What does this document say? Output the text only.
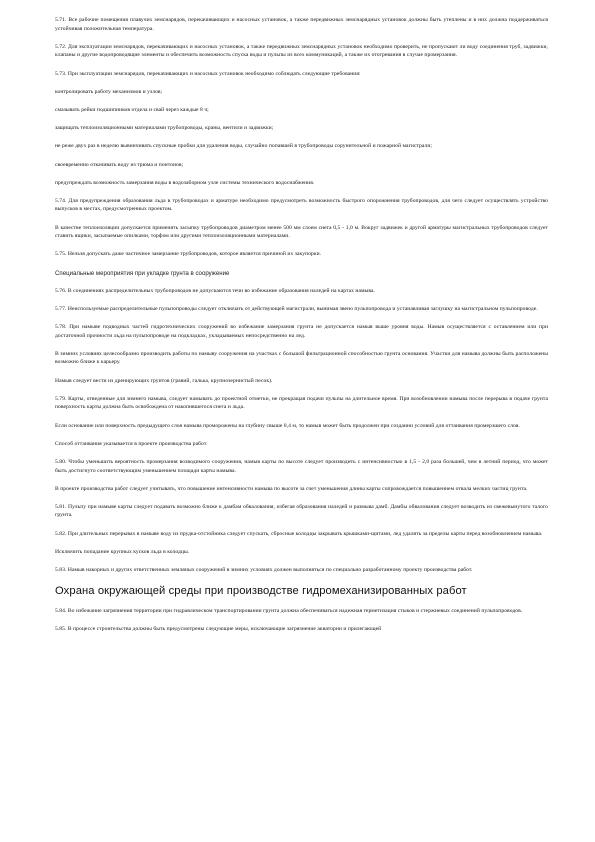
5.71. Все рабочие помещения плавучих земснарядов, перекачивающих и насосных установок, а также передвижных земснарядных установок должны быть утеплены и в них должна поддерживаться устойчивая положительная температура.

5.72. Для эксплуатации земснарядов, перекачивающих и насосных установок, а также передвижных земснарядных установок необходимо проверить, не пропускают ли воду соединения труб, задвижки, клапаны и другие водопроводящие элементы и обеспечить возможность спуска воды и пульпы из всех коммуникаций, а также их отогревания в случае промерзания.

5.73. При эксплуатации земснарядов, перекачивающих и насосных установок необходимо соблюдать следующие требования:

контролировать работу механизмов и узлов;

смазывать рейки подшипников отдела и свай через каждые 8 ч;

защищать теплоизоляционными материалами трубопроводы, краны, вентили и задвижки;

не реже двух раз в неделю вывинчивать спускные пробки для удаления воды, случайно попавшей в трубопроводы сорунительной и пожарной магистрали;

своевременно откачивать воду из трюма и понтонов;

предупреждать возможность замерзания воды в водозаборном узле системы технического водоснабжения.

5.74. Для предупреждения образования льда в трубопроводах и арматуре необходимо предусмотреть возможность быстрого опорожнения трубопроводов, для чего следует осуществлять устройство выпусков в местах, предусмотренных проектом.

В качестве теплоизоляции допускается применять засыпку трубопроводов диаметром менее 500 мм слоем снега 0,5 - 1,0 м. Вокруг задвижек и другой арматуры магистральных трубопроводов следует ставить ящики, засыпаемые опилками, торфом или другими теплоизоляционными материалами.

5.75. Нельзя допускать даже частичное замерзание трубопроводов, которое является причиной их закупорки.

Специальные мероприятия при укладке грунта в сооружение

5.76. В соединениях распределительных трубопроводов не допускаются течи во избежание образования наледей на картах намыва.

5.77. Неиспользуемые распределительные пульпопроводы следует отключать от действующей магистрали, вынимая звено пульпопровода и устанавливая заглушку на магистральном пульпопроводе.

5.78. При намыве подводных частей гидротехнических сооружений во избежание замерзания грунта не допускается намыв выше уровня воды. Намыв осуществляется с оставлением или при достаточной прочности льда на пульпопроводе на подкладках, укладываемых непосредственно на лед.

В зимних условиях целесообразно производить работы по намыву сооружения на участках с большой фильтрационной способностью грунта основания. Участки для намыва должны быть расположены возможно ближе к карьеру.

Намыв следует вести из дренирующих грунтов (гравий, галька, крупнозернистый песок).

5.79. Карты, отведенные для зимнего намыва, следует намывать до проектной отметки, не прекращая подачи пульпы на длительное время. При возобновлении намыва после перерыва в подаче грунта поверхность карты должна быть освобождена от накопившегося снега и льда.

Если основание или поверхность предыдущего слоя намыва проморожены на глубину свыше 0,4 м, то намыв может быть продолжен при создании условий для оттаивания промерзшего слоя.

Способ оттаивания указывается в проекте производства работ.

5.80. Чтобы уменьшить вероятность промерзания возводимого сооружения, намыв карты по высоте следует производить с интенсивностью в 1,5 - 2,0 раза большей, чем в летний период, что может быть достигнуто соответствующим уменьшением площади карты намыва.

В проекте производства работ следует учитывать, что повышение интенсивности намыва по высоте за счет уменьшения длины карты сопровождается повышением отвала мелких частиц грунта.

5.81. Пульпу при намыве карты следует подавать возможно ближе к дамбам обвалования, избегая образования наледей и размыва дамб. Дамбы обвалования следует возводить из свежевынутого талого грунта.

5.82. При длительных перерывах в намыве воду из прудка-отстойника следует спускать, сбросные колодцы закрывать крышками-щитами, лед удалять за пределы карты перед возобновлением намыва.

Исключить попадание крупных кусков льда в колодцы.

5.83. Намыв накорных и других ответственных земляных сооружений в зимних условиях должен выполняться по специально разработанному проекту производства работ.

Охрана окружающей среды при производстве гидромеханизированных работ

5.84. Во избежание загрязнения территории при гидравлическом транспортировании грунта должна обеспечиваться надежная герметизация стыков и стержневых соединений пульпопроводов.

5.85. В процессе строительства должны быть предусмотрены следующие меры, исключающие загрязнение акватории и прилегающей
